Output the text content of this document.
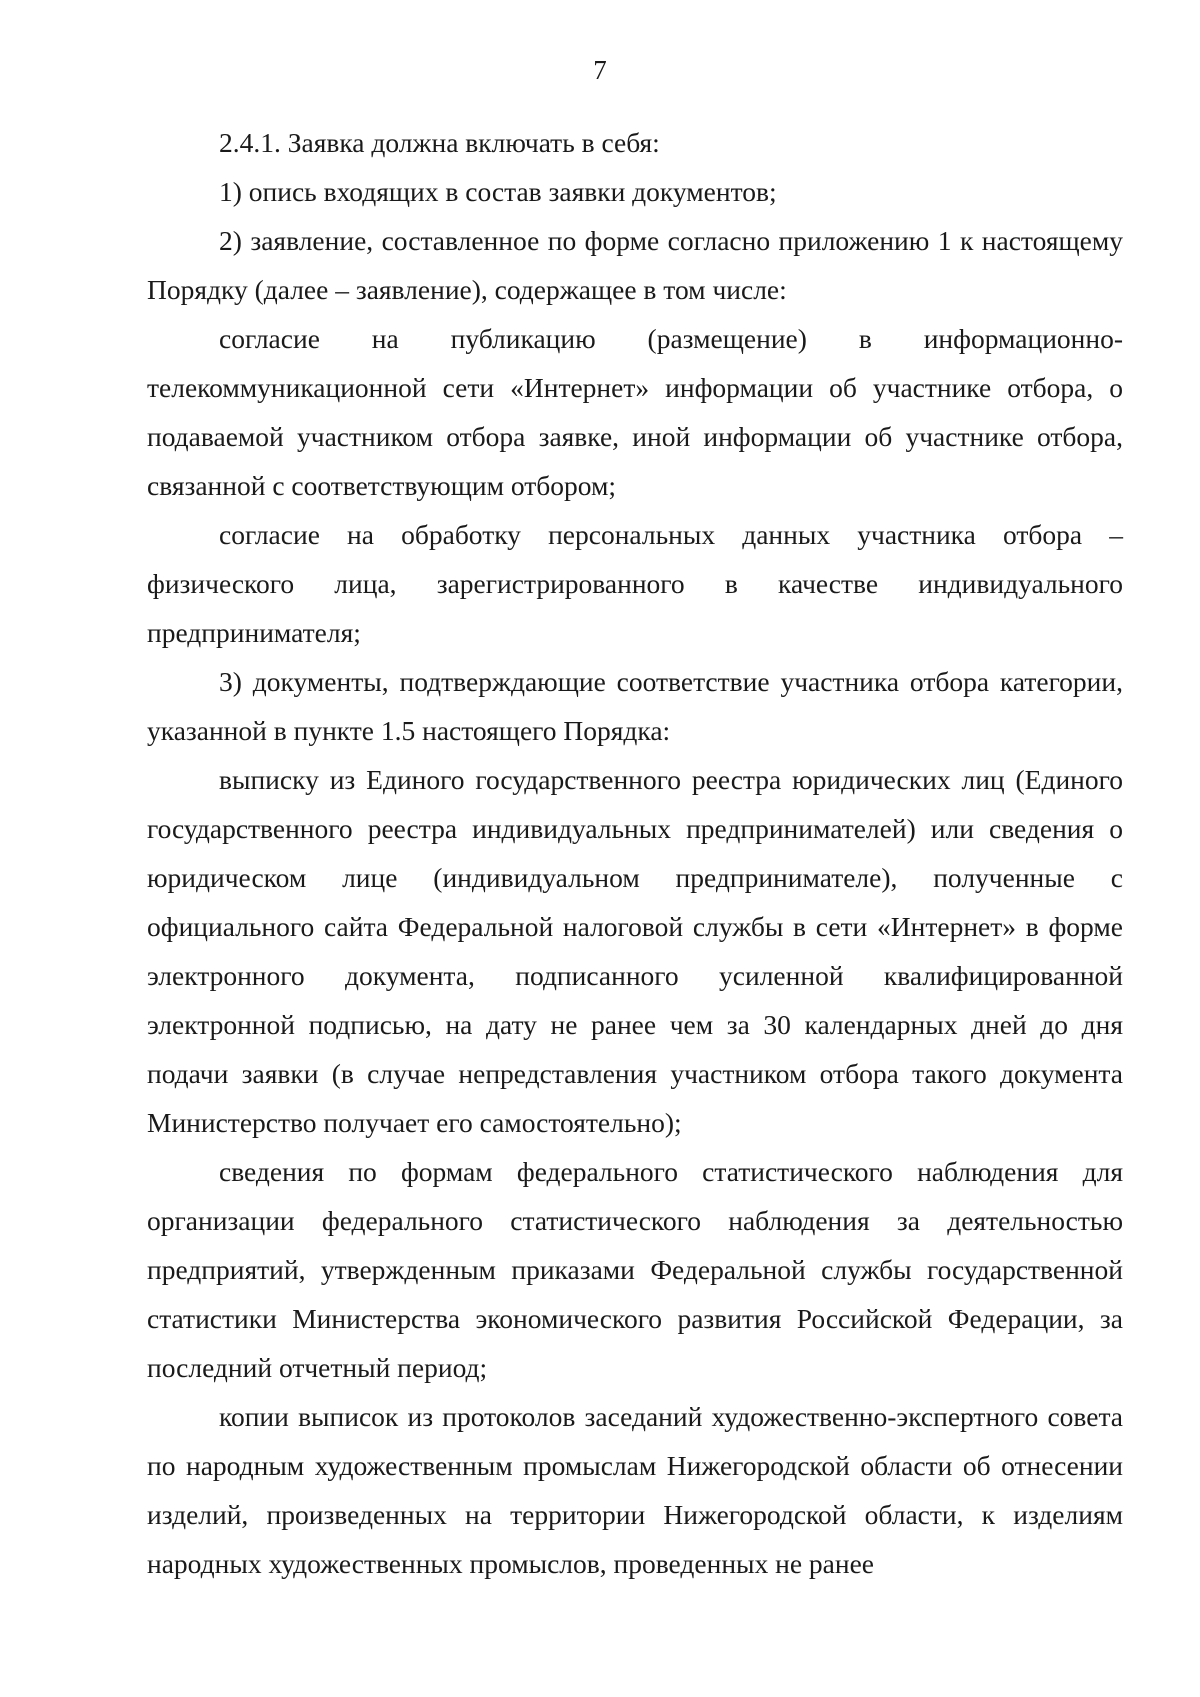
7

2.4.1. Заявка должна включать в себя:

1) опись входящих в состав заявки документов;

2) заявление, составленное по форме согласно приложению 1 к настоящему Порядку (далее – заявление), содержащее в том числе:

согласие на публикацию (размещение) в информационно-телекоммуникационной сети «Интернет» информации об участнике отбора, о подаваемой участником отбора заявке, иной информации об участнике отбора, связанной с соответствующим отбором;

согласие на обработку персональных данных участника отбора – физического лица, зарегистрированного в качестве индивидуального предпринимателя;

3) документы, подтверждающие соответствие участника отбора категории, указанной в пункте 1.5 настоящего Порядка:

выписку из Единого государственного реестра юридических лиц (Единого государственного реестра индивидуальных предпринимателей) или сведения о юридическом лице (индивидуальном предпринимателе), полученные с официального сайта Федеральной налоговой службы в сети «Интернет» в форме электронного документа, подписанного усиленной квалифицированной электронной подписью, на дату не ранее чем за 30 календарных дней до дня подачи заявки (в случае непредставления участником отбора такого документа Министерство получает его самостоятельно);

сведения по формам федерального статистического наблюдения для организации федерального статистического наблюдения за деятельностью предприятий, утвержденным приказами Федеральной службы государственной статистики Министерства экономического развития Российской Федерации, за последний отчетный период;

копии выписок из протоколов заседаний художественно-экспертного совета по народным художественным промыслам Нижегородской области об отнесении изделий, произведенных на территории Нижегородской области, к изделиям народных художественных промыслов, проведенных не ранее
